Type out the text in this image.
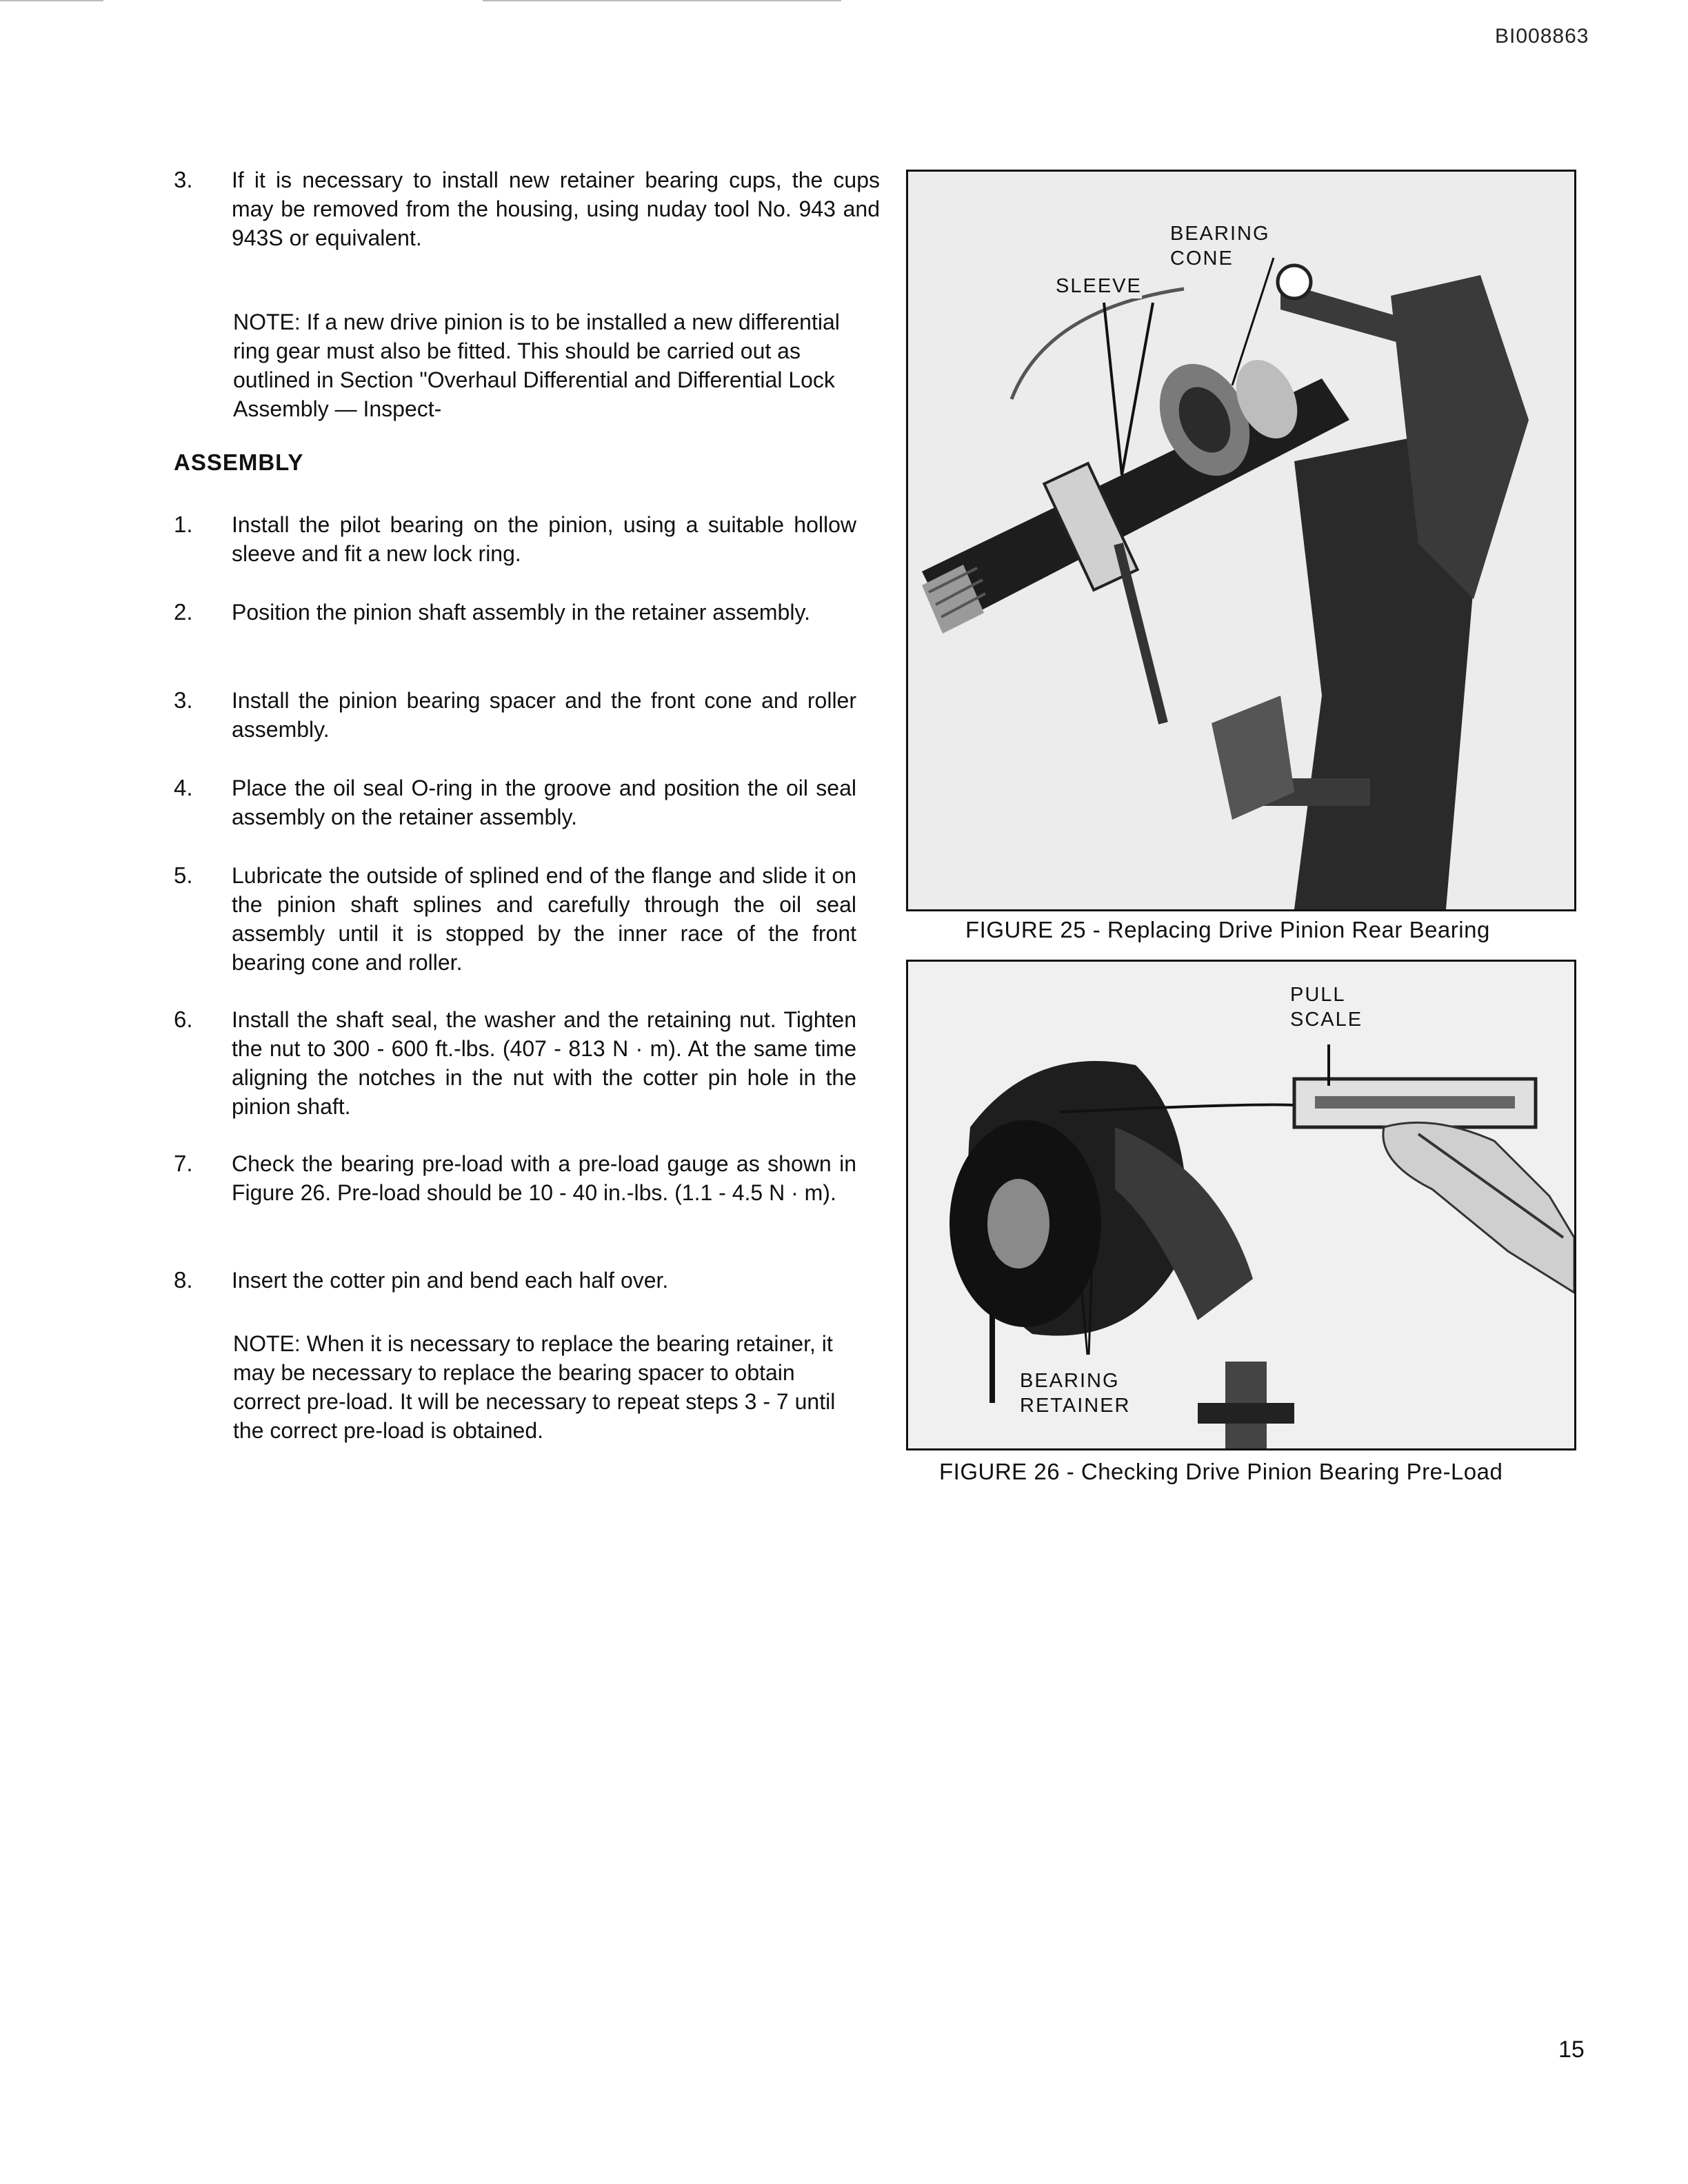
BI008863
3. If it is necessary to install new retainer bearing cups, the cups may be removed from the housing, using nuday tool No. 943 and 943S or equivalent.
NOTE: If a new drive pinion is to be installed a new differential ring gear must also be fitted. This should be carried out as outlined in Section "Overhaul Differential and Differential Lock Assembly — Inspect-
ASSEMBLY
1. Install the pilot bearing on the pinion, using a suitable hollow sleeve and fit a new lock ring.
2. Position the pinion shaft assembly in the retainer assembly.
3. Install the pinion bearing spacer and the front cone and roller assembly.
4. Place the oil seal O-ring in the groove and position the oil seal assembly on the retainer assembly.
5. Lubricate the outside of splined end of the flange and slide it on the pinion shaft splines and carefully through the oil seal assembly until it is stopped by the inner race of the front bearing cone and roller.
6. Install the shaft seal, the washer and the retaining nut. Tighten the nut to 300 - 600 ft.-lbs. (407 - 813 N · m). At the same time aligning the notches in the nut with the cotter pin hole in the pinion shaft.
7. Check the bearing pre-load with a pre-load gauge as shown in Figure 26. Pre-load should be 10 - 40 in.-lbs. (1.1 - 4.5 N · m).
8. Insert the cotter pin and bend each half over.
NOTE: When it is necessary to replace the bearing retainer, it may be necessary to replace the bearing spacer to obtain correct pre-load. It will be necessary to repeat steps 3 - 7 until the correct pre-load is obtained.
BEARING
CONE
SLEEVE
FIGURE 25 - Replacing Drive Pinion Rear Bearing
PULL
SCALE
BEARING
RETAINER
FIGURE 26 - Checking Drive Pinion Bearing Pre-Load
15
